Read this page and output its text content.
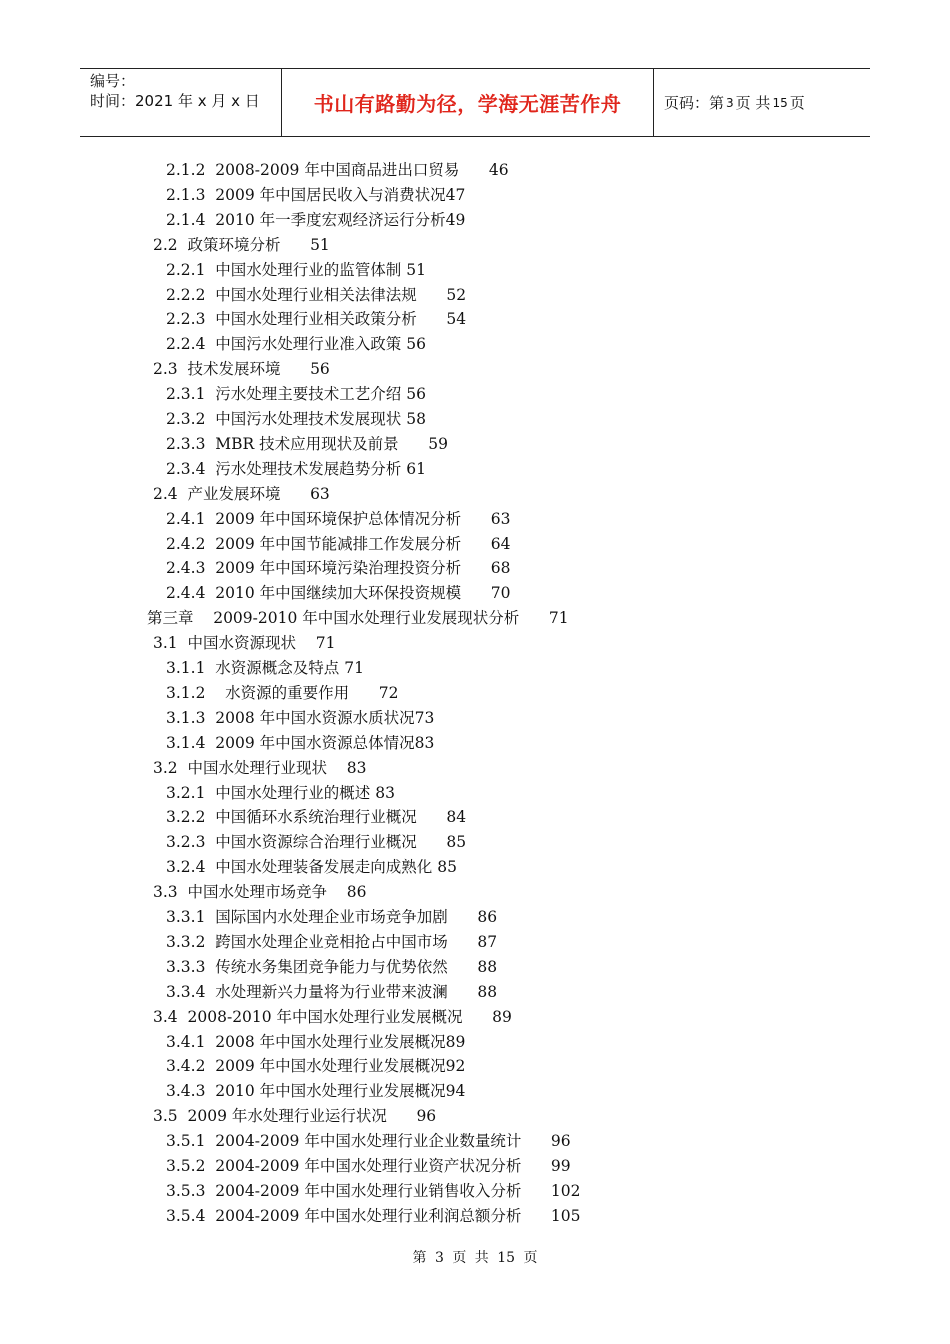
编号：
时间：2021 年 x 月 x 日	书山有路勤为径，学海无涯苦作舟	页码：第 3 页 共 15 页
2.1.2  2008-2009 年中国商品进出口贸易      46
2.1.3  2009 年中国居民收入与消费状况47
2.1.4  2010 年一季度宏观经济运行分析49
2.2  政策环境分析      51
2.2.1  中国水处理行业的监管体制 51
2.2.2  中国水处理行业相关法律法规      52
2.2.3  中国水处理行业相关政策分析      54
2.2.4  中国污水处理行业准入政策 56
2.3  技术发展环境      56
2.3.1  污水处理主要技术工艺介绍 56
2.3.2  中国污水处理技术发展现状 58
2.3.3  MBR 技术应用现状及前景      59
2.3.4  污水处理技术发展趋势分析 61
2.4  产业发展环境      63
2.4.1  2009 年中国环境保护总体情况分析      63
2.4.2  2009 年中国节能减排工作发展分析      64
2.4.3  2009 年中国环境污染治理投资分析      68
2.4.4  2010 年中国继续加大环保投资规模      70
第三章    2009-2010 年中国水处理行业发展现状分析      71
3.1  中国水资源现状    71
3.1.1  水资源概念及特点 71
3.1.2    水资源的重要作用      72
3.1.3  2008 年中国水资源水质状况73
3.1.4  2009 年中国水资源总体情况83
3.2  中国水处理行业现状    83
3.2.1  中国水处理行业的概述 83
3.2.2  中国循环水系统治理行业概况      84
3.2.3  中国水资源综合治理行业概况      85
3.2.4  中国水处理装备发展走向成熟化 85
3.3  中国水处理市场竞争    86
3.3.1  国际国内水处理企业市场竞争加剧      86
3.3.2  跨国水处理企业竞相抢占中国市场      87
3.3.3  传统水务集团竞争能力与优势依然      88
3.3.4  水处理新兴力量将为行业带来波澜      88
3.4  2008-2010 年中国水处理行业发展概况      89
3.4.1  2008 年中国水处理行业发展概况89
3.4.2  2009 年中国水处理行业发展概况92
3.4.3  2010 年中国水处理行业发展概况94
3.5  2009 年水处理行业运行状况      96
3.5.1  2004-2009 年中国水处理行业企业数量统计      96
3.5.2  2004-2009 年中国水处理行业资产状况分析      99
3.5.3  2004-2009 年中国水处理行业销售收入分析      102
3.5.4  2004-2009 年中国水处理行业利润总额分析      105
第 3 页 共 15 页
